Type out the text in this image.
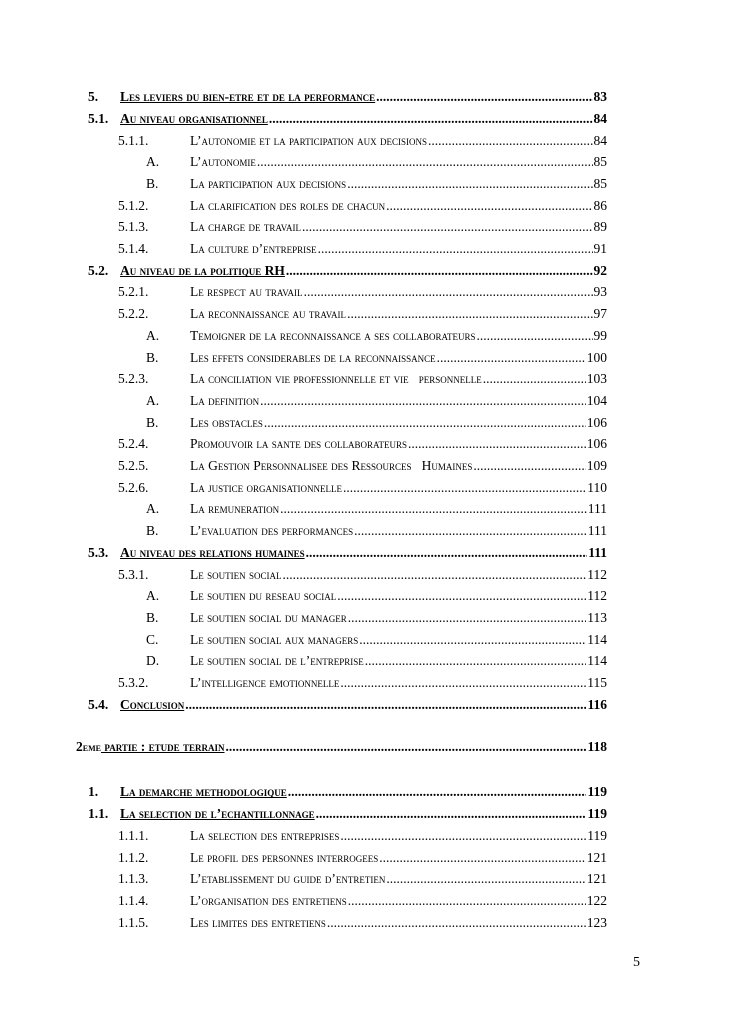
5.	Les leviers du bien-etre et de la performance .....	83
5.1. Au niveau organisationnel .....	84
5.1.1.	L’autonomie et la participation aux decisions .....	84
A.	L’autonomie .....	85
B.	La participation aux decisions .....	85
5.1.2.	La clarification des roles de chacun .....	86
5.1.3.	La charge de travail .....	89
5.1.4.	La culture d’entreprise .....	91
5.2. Au niveau de la politique RH .....	92
5.2.1.	Le respect au travail .....	93
5.2.2.	La reconnaissance au travail .....	97
A.	Temoigner de la reconnaissance a ses collaborateurs .....	99
B.	Les effets considerables de la reconnaissance .....	100
5.2.3.	La conciliation vie professionnelle et vie   personnelle .....	103
A.	La definition .....	104
B.	Les obstacles .....	106
5.2.4.	Promouvoir la sante des collaborateurs .....	106
5.2.5.	La Gestion Personnalisee des Ressources   Humaines .....	109
5.2.6.	La justice organisationnelle .....	110
A.	La remuneration .....	111
B.	L’evaluation des performances .....	111
5.3. Au niveau des relations humaines .....	111
5.3.1.	Le soutien social .....	112
A.	Le soutien du reseau social .....	112
B.	Le soutien social du manager .....	113
C.	Le soutien social aux managers .....	114
D.	Le soutien social de l’entreprise .....	114
5.3.2.	L’intelligence emotionnelle .....	115
5.4. Conclusion .....	116
2 EME partie : etude terrain .....	118
1.	La demarche methodologique .....	119
1.1. La selection de l’echantillonnage .....	119
1.1.1.	La selection des entreprises .....	119
1.1.2.	Le profil des personnes interrogees .....	121
1.1.3.	L’etablissement du guide d’entretien .....	121
1.1.4.	L’organisation des entretiens .....	122
1.1.5.	Les limites des entretiens .....	123
5
